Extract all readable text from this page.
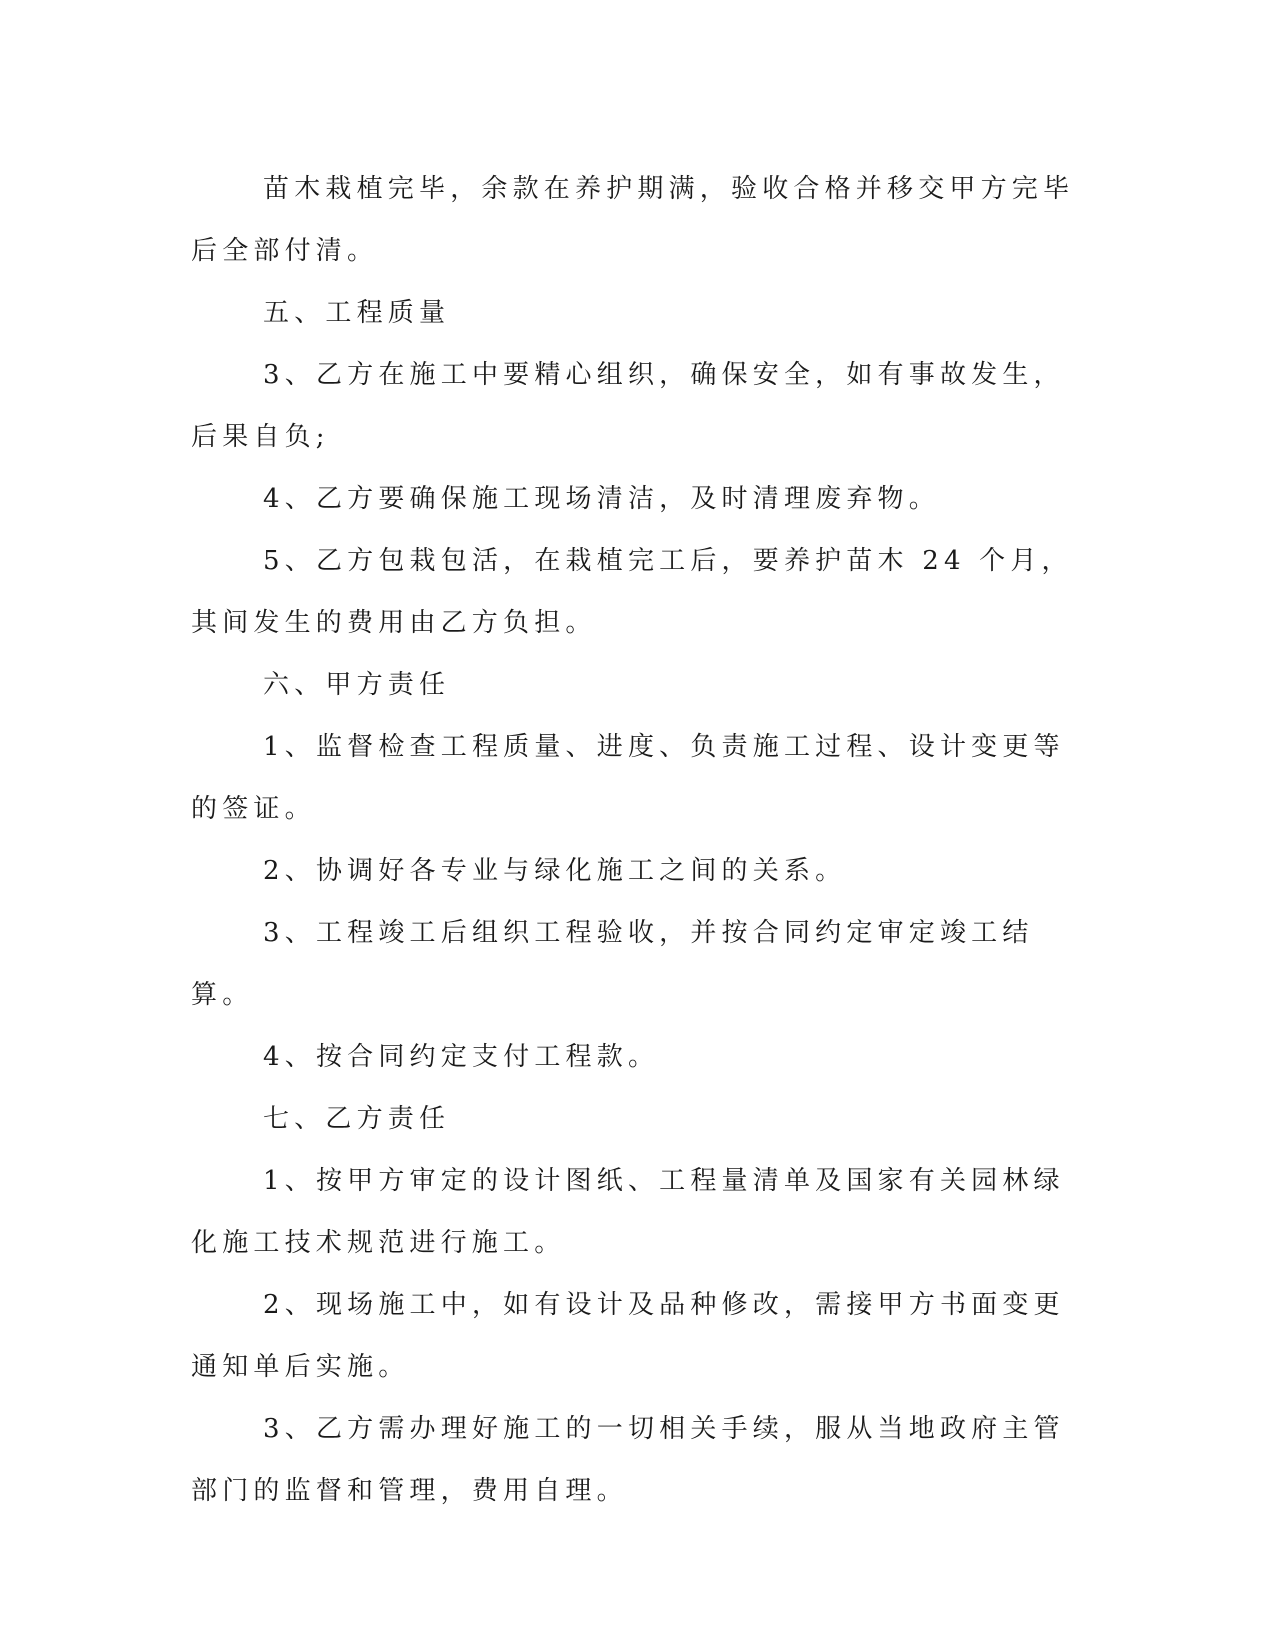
苗木栽植完毕，余款在养护期满，验收合格并移交甲方完毕后全部付清。

五、工程质量

3、乙方在施工中要精心组织，确保安全，如有事故发生，后果自负;

4、乙方要确保施工现场清洁，及时清理废弃物。

5、乙方包栽包活，在栽植完工后，要养护苗木 24 个月，其间发生的费用由乙方负担。

六、甲方责任

1、监督检查工程质量、进度、负责施工过程、设计变更等的签证。

2、协调好各专业与绿化施工之间的关系。

3、工程竣工后组织工程验收，并按合同约定审定竣工结算。

4、按合同约定支付工程款。

七、乙方责任

1、按甲方审定的设计图纸、工程量清单及国家有关园林绿化施工技术规范进行施工。

2、现场施工中，如有设计及品种修改，需接甲方书面变更通知单后实施。

3、乙方需办理好施工的一切相关手续，服从当地政府主管部门的监督和管理，费用自理。
